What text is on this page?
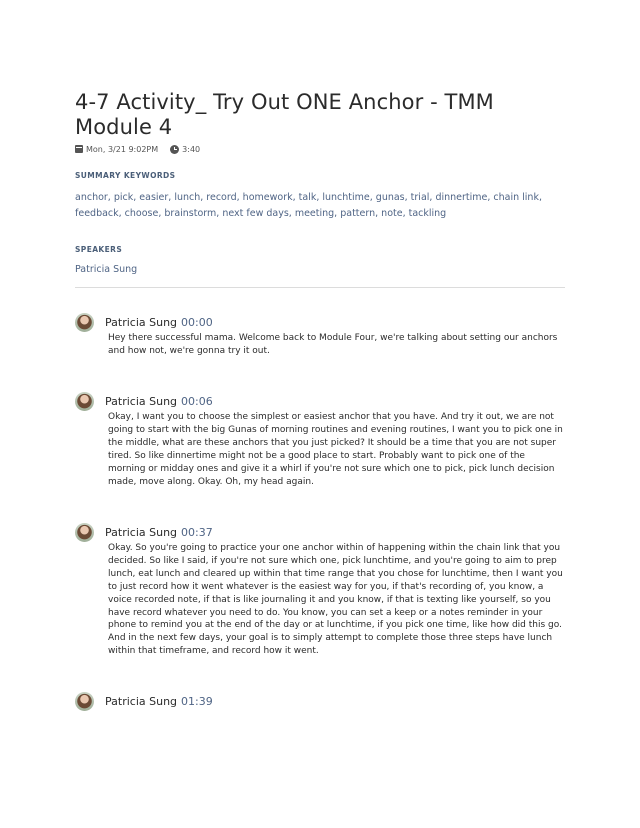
4-7 Activity_ Try Out ONE Anchor - TMM Module 4
Mon, 3/21 9:02PM	3:40
SUMMARY KEYWORDS
anchor, pick, easier, lunch, record, homework, talk, lunchtime, gunas, trial, dinnertime, chain link, feedback, choose, brainstorm, next few days, meeting, pattern, note, tackling
SPEAKERS
Patricia Sung
Patricia Sung 00:00
Hey there successful mama. Welcome back to Module Four, we're talking about setting our anchors and how not, we're gonna try it out.
Patricia Sung 00:06
Okay, I want you to choose the simplest or easiest anchor that you have. And try it out, we are not going to start with the big Gunas of morning routines and evening routines, I want you to pick one in the middle, what are these anchors that you just picked? It should be a time that you are not super tired. So like dinnertime might not be a good place to start. Probably want to pick one of the morning or midday ones and give it a whirl if you're not sure which one to pick, pick lunch decision made, move along. Okay. Oh, my head again.
Patricia Sung 00:37
Okay. So you're going to practice your one anchor within of happening within the chain link that you decided. So like I said, if you're not sure which one, pick lunchtime, and you're going to aim to prep lunch, eat lunch and cleared up within that time range that you chose for lunchtime, then I want you to just record how it went whatever is the easiest way for you, if that's recording of, you know, a voice recorded note, if that is like journaling it and you know, if that is texting like yourself, so you have record whatever you need to do. You know, you can set a keep or a notes reminder in your phone to remind you at the end of the day or at lunchtime, if you pick one time, like how did this go. And in the next few days, your goal is to simply attempt to complete those three steps have lunch within that timeframe, and record how it went.
Patricia Sung 01:39
